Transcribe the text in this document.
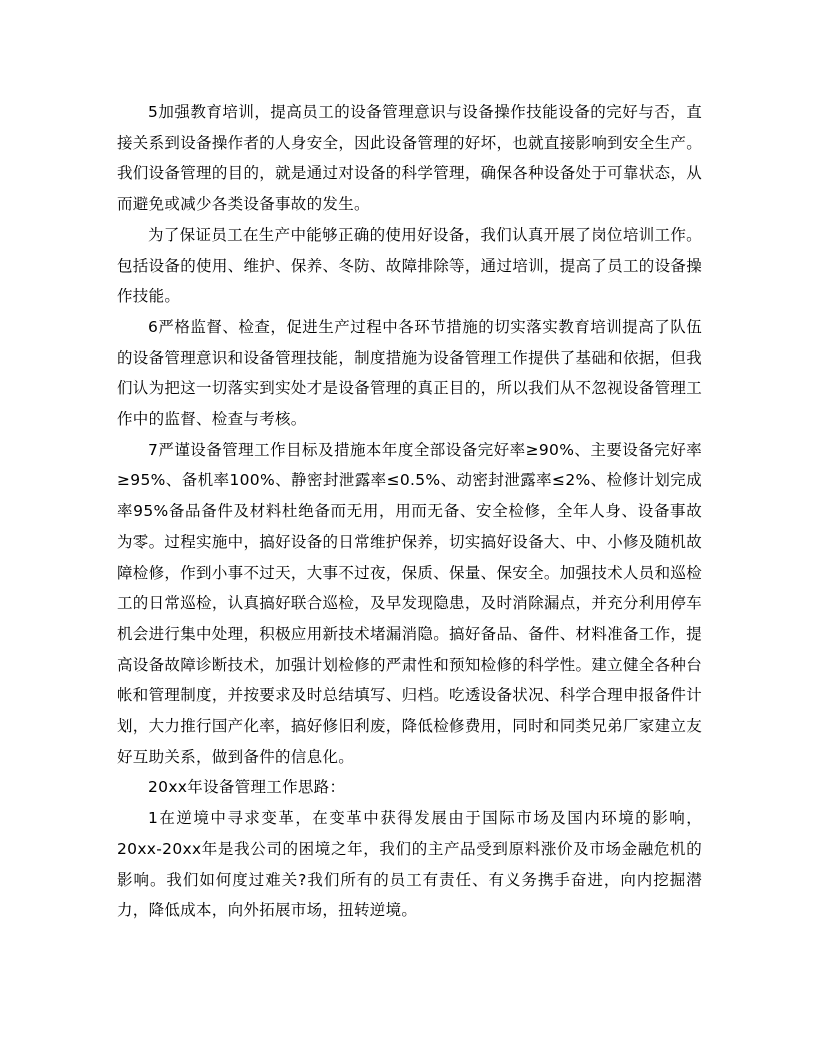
5加强教育培训，提高员工的设备管理意识与设备操作技能设备的完好与否，直接关系到设备操作者的人身安全，因此设备管理的好坏，也就直接影响到安全生产。我们设备管理的目的，就是通过对设备的科学管理，确保各种设备处于可靠状态，从而避免或减少各类设备事故的发生。

为了保证员工在生产中能够正确的使用好设备，我们认真开展了岗位培训工作。包括设备的使用、维护、保养、冬防、故障排除等，通过培训，提高了员工的设备操作技能。

6严格监督、检查，促进生产过程中各环节措施的切实落实教育培训提高了队伍的设备管理意识和设备管理技能，制度措施为设备管理工作提供了基础和依据，但我们认为把这一切落实到实处才是设备管理的真正目的，所以我们从不忽视设备管理工作中的监督、检查与考核。

7严谨设备管理工作目标及措施本年度全部设备完好率≥90%、主要设备完好率≥95%、备机率100%、静密封泄露率≤0.5%、动密封泄露率≤2%、检修计划完成率95%备品备件及材料杜绝备而无用，用而无备、安全检修，全年人身、设备事故为零。过程实施中，搞好设备的日常维护保养，切实搞好设备大、中、小修及随机故障检修，作到小事不过天，大事不过夜，保质、保量、保安全。加强技术人员和巡检工的日常巡检，认真搞好联合巡检，及早发现隐患，及时消除漏点，并充分利用停车机会进行集中处理，积极应用新技术堵漏消隐。搞好备品、备件、材料准备工作，提高设备故障诊断技术，加强计划检修的严肃性和预知检修的科学性。建立健全各种台帐和管理制度，并按要求及时总结填写、归档。吃透设备状况、科学合理申报备件计划，大力推行国产化率，搞好修旧利废，降低检修费用，同时和同类兄弟厂家建立友好互助关系，做到备件的信息化。

20xx年设备管理工作思路：

1在逆境中寻求变革，在变革中获得发展由于国际市场及国内环境的影响，20xx-20xx年是我公司的困境之年，我们的主产品受到原料涨价及市场金融危机的影响。我们如何度过难关?我们所有的员工有责任、有义务携手奋进，向内挖掘潜力，降低成本，向外拓展市场，扭转逆境。
